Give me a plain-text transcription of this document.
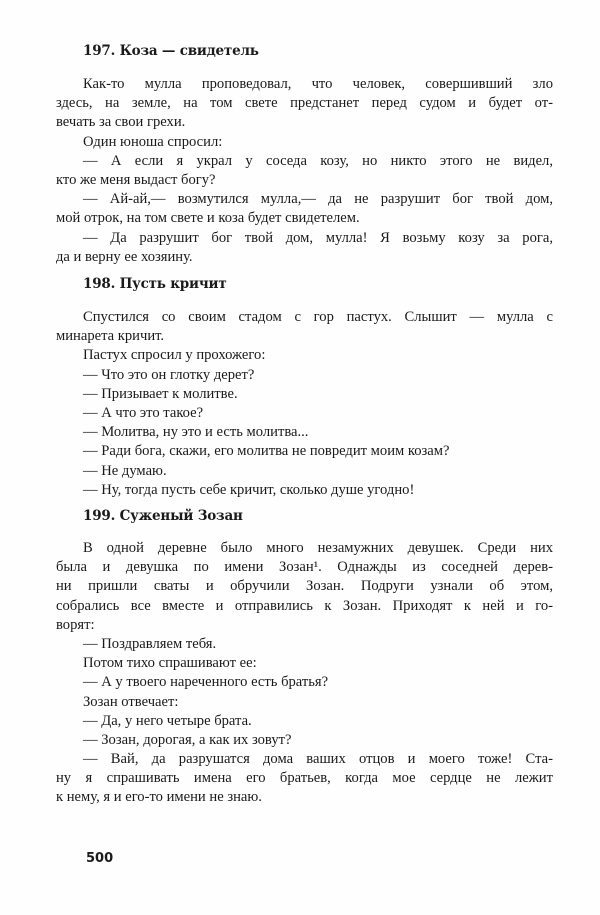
197. Коза — свидетель
Как-то мулла проповедовал, что человек, совершивший зло
здесь, на земле, на том свете предстанет перед судом и будет от-
вечать за свои грехи.
Один юноша спросил:
— А если я украл у соседа козу, но никто этого не видел,
кто же меня выдаст богу?
— Ай-ай,— возмутился мулла,— да не разрушит бог твой дом,
мой отрок, на том свете и коза будет свидетелем.
— Да разрушит бог твой дом, мулла! Я возьму козу за рога,
да и верну ее хозяину.
198. Пусть кричит
Спустился со своим стадом с гор пастух. Слышит — мулла с
минарета кричит.
Пастух спросил у прохожего:
— Что это он глотку дерет?
— Призывает к молитве.
— А что это такое?
— Молитва, ну это и есть молитва...
— Ради бога, скажи, его молитва не повредит моим козам?
— Не думаю.
— Ну, тогда пусть себе кричит, сколько душе угодно!
199. Суженый Зозан
В одной деревне было много незамужних девушек. Среди них
была и девушка по имени Зозан¹. Однажды из соседней дерев-
ни пришли сваты и обручили Зозан. Подруги узнали об этом,
собрались все вместе и отправились к Зозан. Приходят к ней и го-
ворят:
— Поздравляем тебя.
Потом тихо спрашивают ее:
— А у твоего нареченного есть братья?
Зозан отвечает:
— Да, у него четыре брата.
— Зозан, дорогая, а как их зовут?
— Вай, да разрушатся дома ваших отцов и моего тоже! Ста-
ну я спрашивать имена его братьев, когда мое сердце не лежит
к нему, я и его-то имени не знаю.
500
